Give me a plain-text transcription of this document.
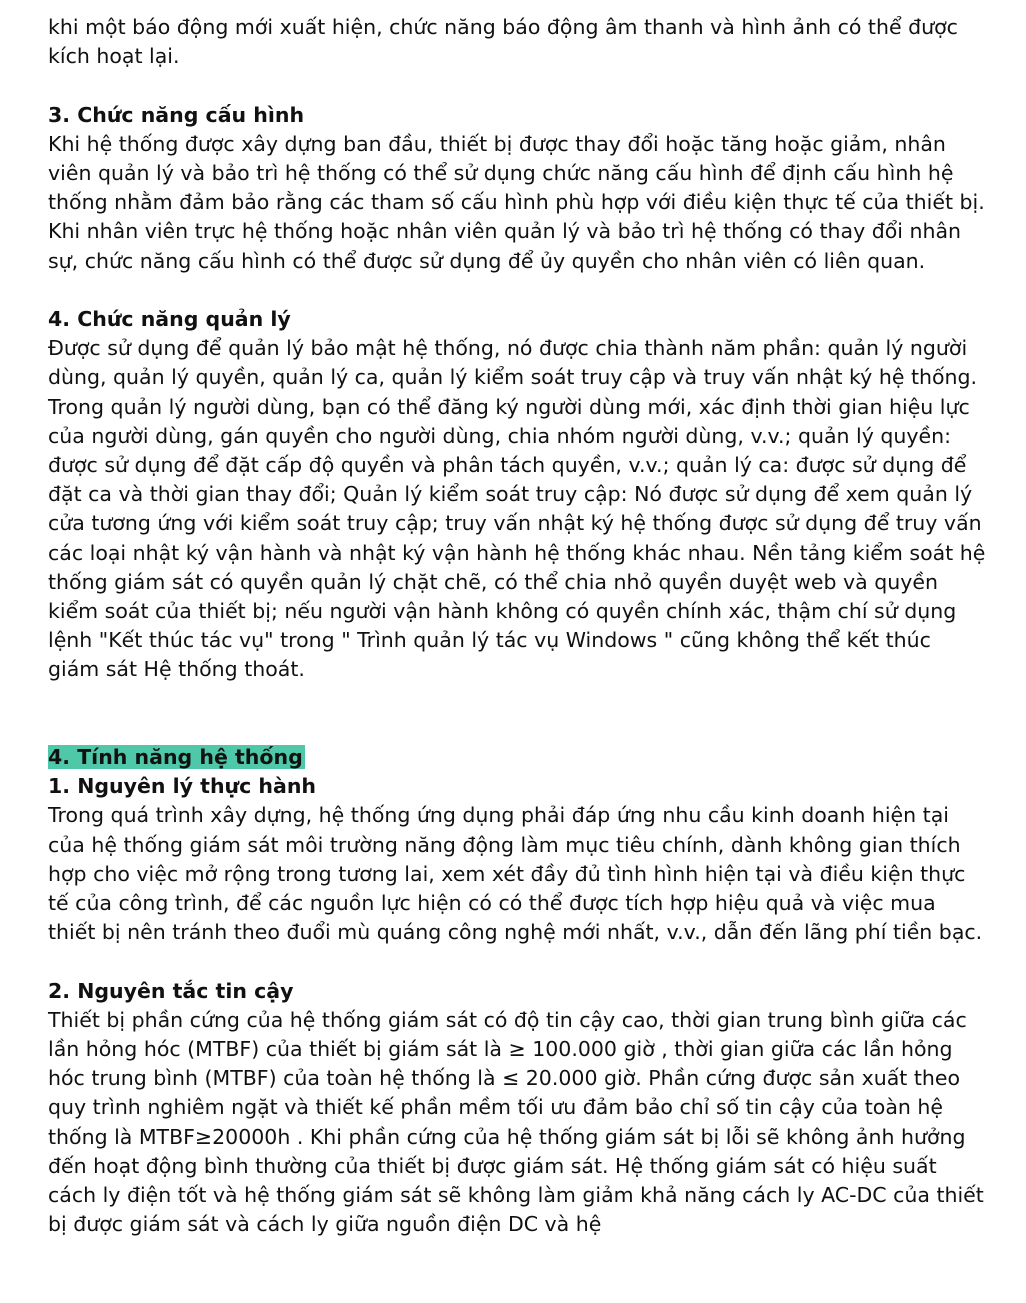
khi một báo động mới xuất hiện, chức năng báo động âm thanh và hình ảnh có thể được kích hoạt lại.

3. Chức năng cấu hình

Khi hệ thống được xây dựng ban đầu, thiết bị được thay đổi hoặc tăng hoặc giảm, nhân viên quản lý và bảo trì hệ thống có thể sử dụng chức năng cấu hình để định cấu hình hệ thống nhằm đảm bảo rằng các tham số cấu hình phù hợp với điều kiện thực tế của thiết bị. Khi nhân viên trực hệ thống hoặc nhân viên quản lý và bảo trì hệ thống có thay đổi nhân sự, chức năng cấu hình có thể được sử dụng để ủy quyền cho nhân viên có liên quan.

4. Chức năng quản lý

Được sử dụng để quản lý bảo mật hệ thống, nó được chia thành năm phần: quản lý người dùng, quản lý quyền, quản lý ca, quản lý kiểm soát truy cập và truy vấn nhật ký hệ thống. Trong quản lý người dùng, bạn có thể đăng ký người dùng mới, xác định thời gian hiệu lực của người dùng, gán quyền cho người dùng, chia nhóm người dùng, v.v.; quản lý quyền: được sử dụng để đặt cấp độ quyền và phân tách quyền, v.v.; quản lý ca: được sử dụng để đặt ca và thời gian thay đổi; Quản lý kiểm soát truy cập: Nó được sử dụng để xem quản lý cửa tương ứng với kiểm soát truy cập; truy vấn nhật ký hệ thống được sử dụng để truy vấn các loại nhật ký vận hành và nhật ký vận hành hệ thống khác nhau. Nền tảng kiểm soát hệ thống giám sát có quyền quản lý chặt chẽ, có thể chia nhỏ quyền duyệt web và quyền kiểm soát của thiết bị; nếu người vận hành không có quyền chính xác, thậm chí sử dụng lệnh "Kết thúc tác vụ" trong " Trình quản lý tác vụ Windows " cũng không thể kết thúc giám sát Hệ thống thoát.

4. Tính năng hệ thống

1. Nguyên lý thực hành

Trong quá trình xây dựng, hệ thống ứng dụng phải đáp ứng nhu cầu kinh doanh hiện tại của hệ thống giám sát môi trường năng động làm mục tiêu chính, dành không gian thích hợp cho việc mở rộng trong tương lai, xem xét đầy đủ tình hình hiện tại và điều kiện thực tế của công trình, để các nguồn lực hiện có có thể được tích hợp hiệu quả và việc mua thiết bị nên tránh theo đuổi mù quáng công nghệ mới nhất, v.v., dẫn đến lãng phí tiền bạc.

2. Nguyên tắc tin cậy

Thiết bị phần cứng của hệ thống giám sát có độ tin cậy cao, thời gian trung bình giữa các lần hỏng hóc (MTBF) của thiết bị giám sát là ≥ 100.000 giờ , thời gian giữa các lần hỏng hóc trung bình (MTBF) của toàn hệ thống là ≤ 20.000 giờ. Phần cứng được sản xuất theo quy trình nghiêm ngặt và thiết kế phần mềm tối ưu đảm bảo chỉ số tin cậy của toàn hệ thống là MTBF≥20000h . Khi phần cứng của hệ thống giám sát bị lỗi sẽ không ảnh hưởng đến hoạt động bình thường của thiết bị được giám sát. Hệ thống giám sát có hiệu suất cách ly điện tốt và hệ thống giám sát sẽ không làm giảm khả năng cách ly AC-DC của thiết bị được giám sát và cách ly giữa nguồn điện DC và hệ
